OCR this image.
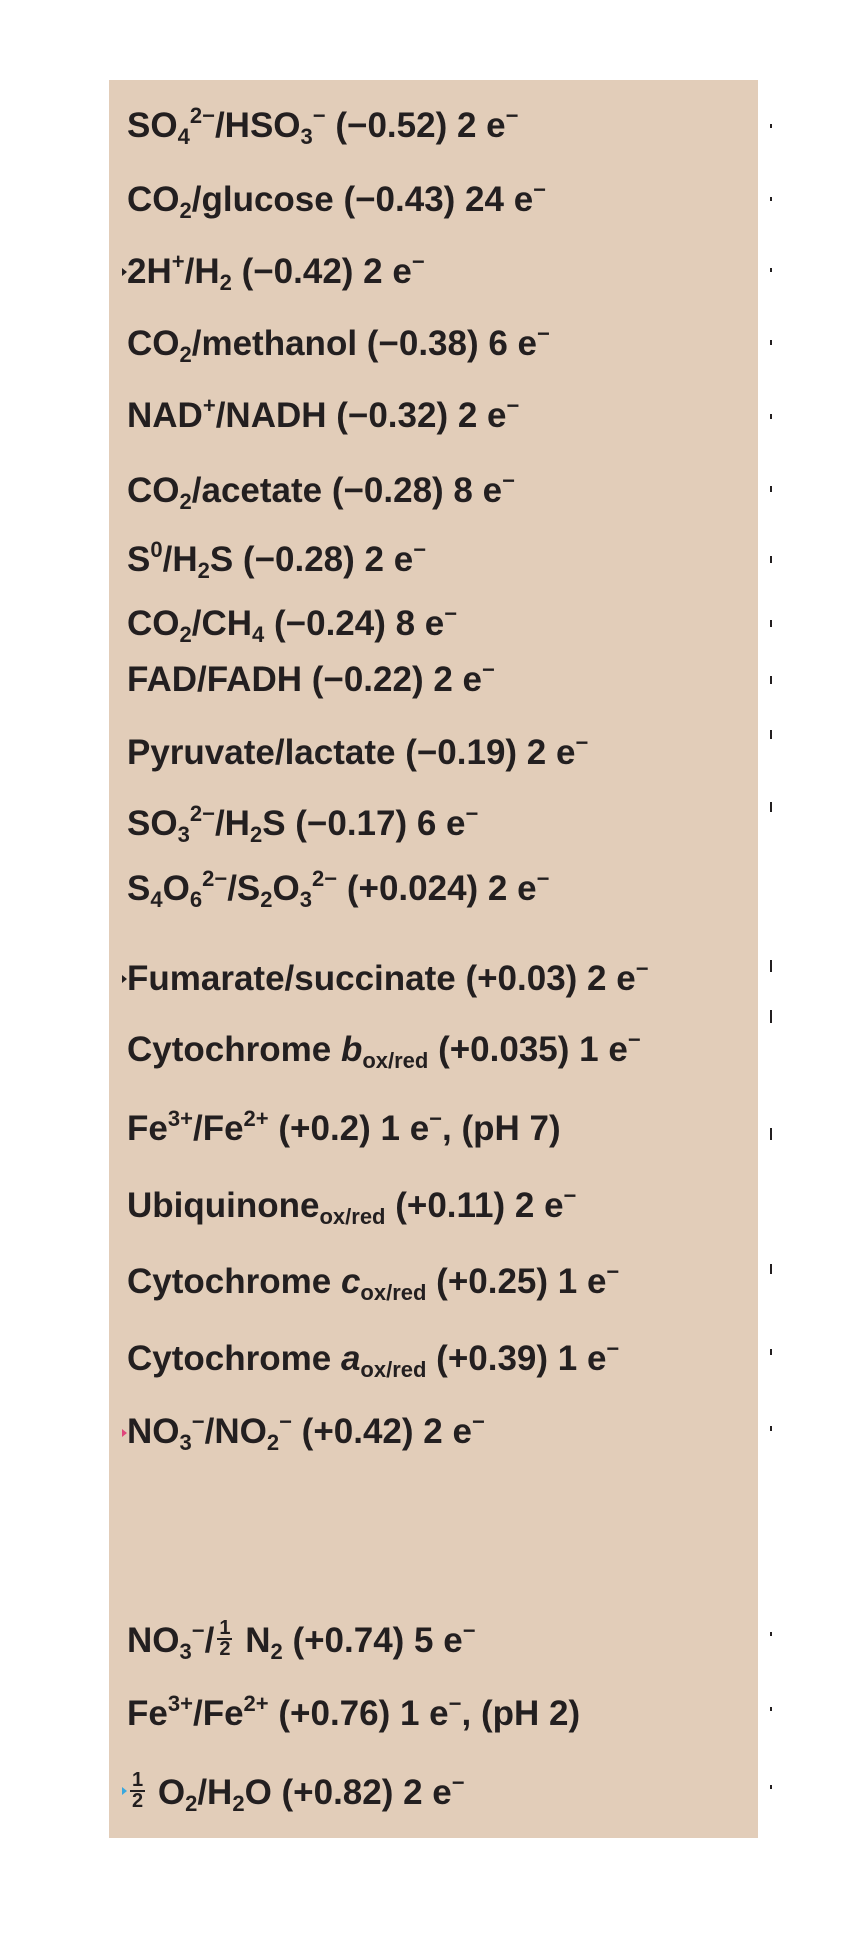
$SO_4^{2-}/HSO_3^-$ (−0.52) 2 e−
$CO_2$/glucose (−0.43) 24 e−
$2H^+/H_2$ (−0.42) 2 e−
$CO_2$/methanol (−0.38) 6 e−
NAD+/NADH (−0.32) 2 e−
$CO_2$/acetate (−0.28) 8 e−
$S^0/H_2S$ (−0.28) 2 e−
$CO_2/CH_4$ (−0.24) 8 e−
FAD/FADH (−0.22) 2 e−
Pyruvate/lactate (−0.19) 2 e−
$SO_3^{2-}/H_2S$ (−0.17) 6 e−
$S_4O_6^{2-}/S_2O_3^{2-}$ (+0.024) 2 e−
Fumarate/succinate (+0.03) 2 e−
Cytochrome $b_{ox/red}$ (+0.035) 1 e−
$Fe^{3+}/Fe^{2+}$ (+0.2) 1 e−, (pH 7)
Ubiquinone$_{ox/red}$ (+0.11) 2 e−
Cytochrome $c_{ox/red}$ (+0.25) 1 e−
Cytochrome $a_{ox/red}$ (+0.39) 1 e−
$NO_3^-/NO_2^-$ (+0.42) 2 e−
$NO_3^-/ \frac{1}{2} N_2$ (+0.74) 5 e−
$Fe^{3+}/Fe^{2+}$ (+0.76) 1 e−, (pH 2)
$\frac{1}{2} O_2/H_2O$ (+0.82) 2 e−
